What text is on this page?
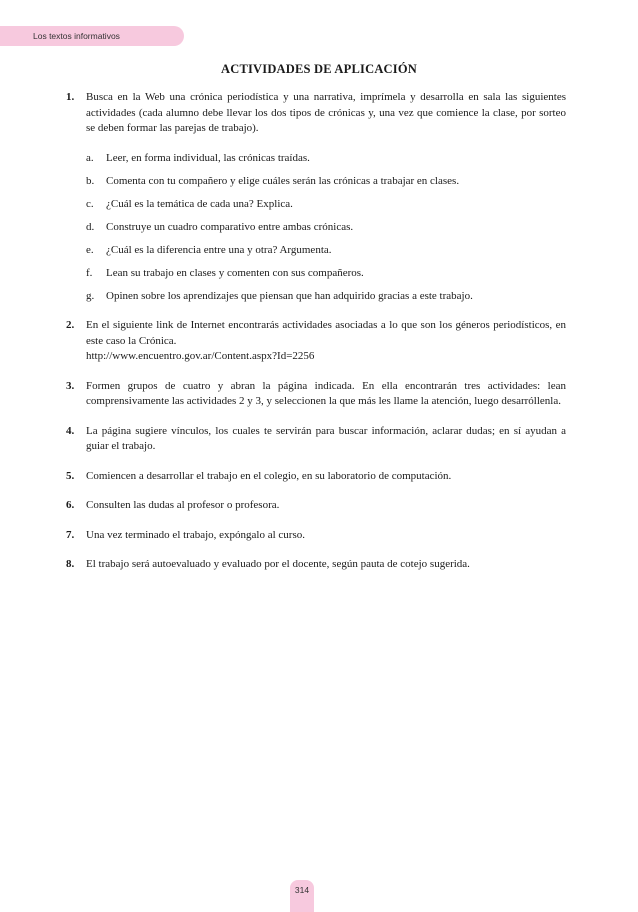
Los textos informativos
ACTIVIDADES DE APLICACIÓN
1.	Busca en la Web una crónica periodística y una narrativa, imprímela y desarrolla en sala las siguientes actividades (cada alumno debe llevar los dos tipos de crónicas y, una vez que comience la clase, por sorteo se deben formar las parejas de trabajo).
a.	Leer, en forma individual, las crónicas traídas.
b.	Comenta con tu compañero y elige cuáles serán las crónicas a trabajar en clases.
c.	¿Cuál es la temática de cada una? Explica.
d.	Construye un cuadro comparativo entre ambas crónicas.
e.	¿Cuál es la diferencia entre una y otra? Argumenta.
f.	Lean su trabajo en clases y comenten con sus compañeros.
g.	Opinen sobre los aprendizajes que piensan que han adquirido gracias a este trabajo.
2.	En el siguiente link de Internet encontrarás actividades asociadas a lo que son los géneros periodísticos, en este caso la Crónica.
http://www.encuentro.gov.ar/Content.aspx?Id=2256
3.	Formen grupos de cuatro y abran la página indicada. En ella encontrarán tres actividades: lean comprensivamente las actividades 2 y 3, y seleccionen la que más les llame la atención, luego desarróllenla.
4.	La página sugiere vínculos, los cuales te servirán para buscar información, aclarar dudas; en sí ayudan a guiar el trabajo.
5.	Comiencen a desarrollar el trabajo en el colegio, en su laboratorio de computación.
6.	Consulten las dudas al profesor o profesora.
7.	Una vez terminado el trabajo, expóngalo al curso.
8.	El trabajo será autoevaluado y evaluado por el docente, según pauta de cotejo sugerida.
314
